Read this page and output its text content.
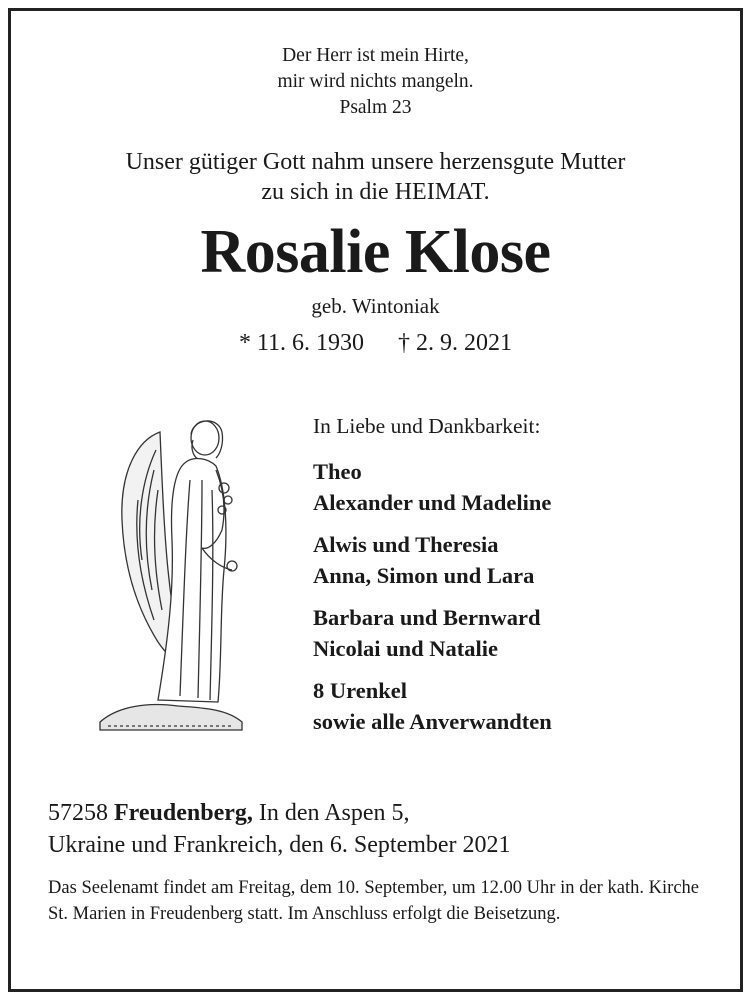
Der Herr ist mein Hirte,
mir wird nichts mangeln.
Psalm 23
Unser gütiger Gott nahm unsere herzensgute Mutter
zu sich in die HEIMAT.
Rosalie Klose
geb. Wintoniak
* 11. 6. 1930 † 2. 9. 2021
In Liebe und Dankbarkeit:
Theo
Alexander und Madeline
Alwis und Theresia
Anna, Simon und Lara
Barbara und Bernward
Nicolai und Natalie
8 Urenkel
sowie alle Anverwandten
57258 Freudenberg, In den Aspen 5,
Ukraine und Frankreich, den 6. September 2021
Das Seelenamt findet am Freitag, dem 10. September, um 12.00 Uhr in der kath. Kirche St. Marien in Freudenberg statt. Im Anschluss erfolgt die Beisetzung.
